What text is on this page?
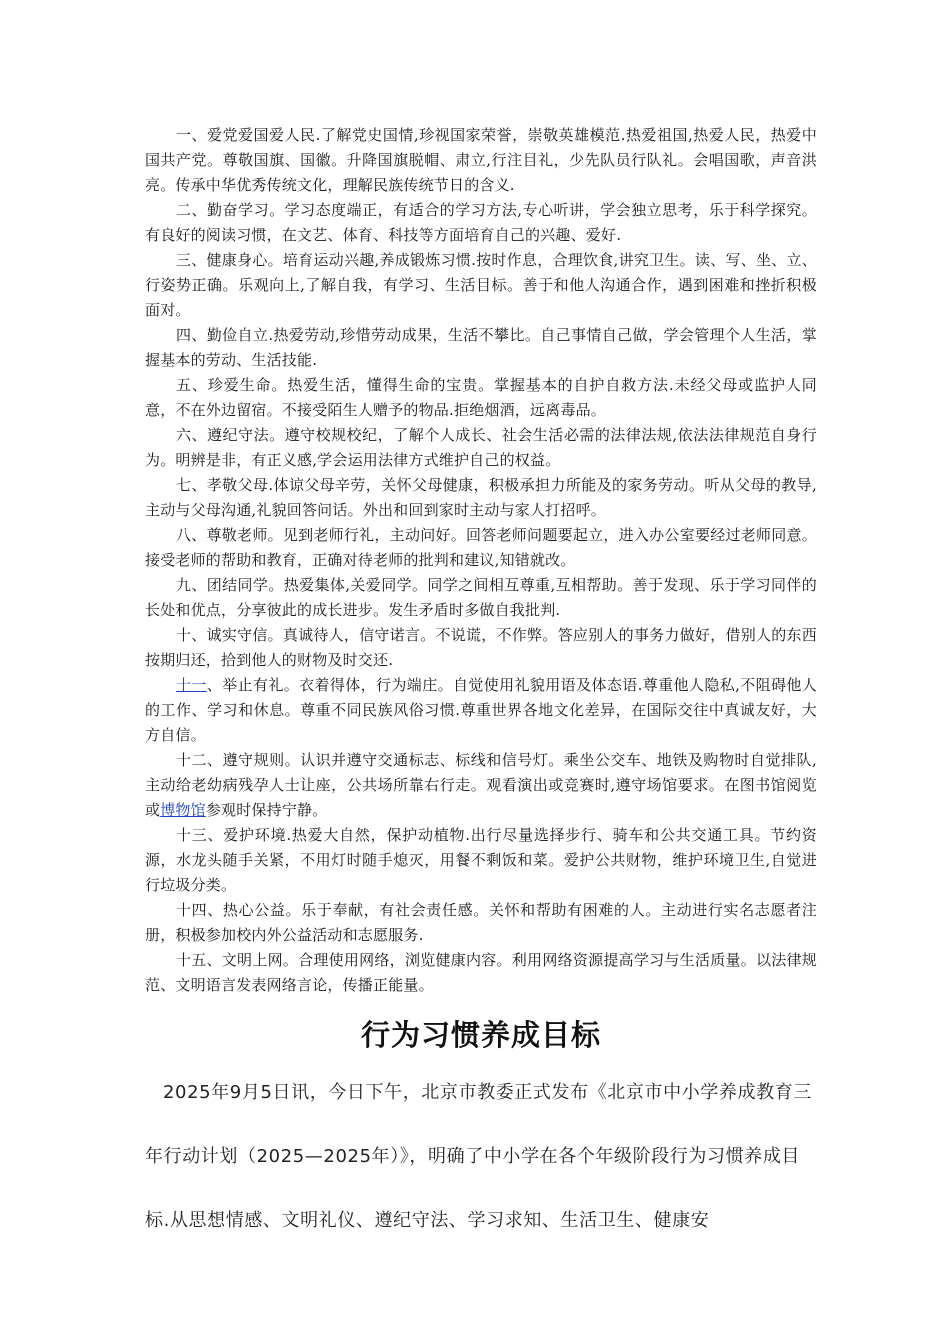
一、爱党爱国爱人民.了解党史国情,珍视国家荣誉，崇敬英雄模范.热爱祖国,热爱人民，热爱中国共产党。尊敬国旗、国徽。升降国旗脱帽、肃立,行注目礼，少先队员行队礼。会唱国歌，声音洪亮。传承中华优秀传统文化，理解民族传统节日的含义.

二、勤奋学习。学习态度端正，有适合的学习方法,专心听讲，学会独立思考，乐于科学探究。有良好的阅读习惯，在文艺、体育、科技等方面培育自己的兴趣、爱好.

三、健康身心。培育运动兴趣,养成锻炼习惯.按时作息，合理饮食,讲究卫生。读、写、坐、立、行姿势正确。乐观向上,了解自我，有学习、生活目标。善于和他人沟通合作，遇到困难和挫折积极面对。

四、勤俭自立.热爱劳动,珍惜劳动成果，生活不攀比。自己事情自己做，学会管理个人生活，掌握基本的劳动、生活技能.

五、珍爱生命。热爱生活，懂得生命的宝贵。掌握基本的自护自救方法.未经父母或监护人同意，不在外边留宿。不接受陌生人赠予的物品.拒绝烟酒，远离毒品。

六、遵纪守法。遵守校规校纪，了解个人成长、社会生活必需的法律法规,依法法律规范自身行为。明辨是非，有正义感,学会运用法律方式维护自己的权益。

七、孝敬父母.体谅父母辛劳，关怀父母健康，积极承担力所能及的家务劳动。听从父母的教导,主动与父母沟通,礼貌回答问话。外出和回到家时主动与家人打招呼。

八、尊敬老师。见到老师行礼，主动问好。回答老师问题要起立，进入办公室要经过老师同意。接受老师的帮助和教育，正确对待老师的批判和建议,知错就改。

九、团结同学。热爱集体,关爱同学。同学之间相互尊重,互相帮助。善于发现、乐于学习同伴的长处和优点，分享彼此的成长进步。发生矛盾时多做自我批判.

十、诚实守信。真诚待人，信守诺言。不说谎，不作弊。答应别人的事务力做好，借别人的东西按期归还，拾到他人的财物及时交还.

十一、举止有礼。衣着得体，行为端庄。自觉使用礼貌用语及体态语.尊重他人隐私,不阻碍他人的工作、学习和休息。尊重不同民族风俗习惯.尊重世界各地文化差异，在国际交往中真诚友好，大方自信。

十二、遵守规则。认识并遵守交通标志、标线和信号灯。乘坐公交车、地铁及购物时自觉排队,主动给老幼病残孕人士让座，公共场所靠右行走。观看演出或竞赛时,遵守场馆要求。在图书馆阅览或博物馆参观时保持宁静。

十三、爱护环境.热爱大自然，保护动植物.出行尽量选择步行、骑车和公共交通工具。节约资源，水龙头随手关紧，不用灯时随手熄灭，用餐不剩饭和菜。爱护公共财物，维护环境卫生,自觉进行垃圾分类。

十四、热心公益。乐于奉献，有社会责任感。关怀和帮助有困难的人。主动进行实名志愿者注册，积极参加校内外公益活动和志愿服务.

十五、文明上网。合理使用网络，浏览健康内容。利用网络资源提高学习与生活质量。以法律规范、文明语言发表网络言论，传播正能量。

行为习惯养成目标

2025年9月5日讯，今日下午，北京市教委正式发布《北京市中小学养成教育三年行动计划（2025—2025年）》，明确了中小学在各个年级阶段行为习惯养成目标.从思想情感、文明礼仪、遵纪守法、学习求知、生活卫生、健康安
